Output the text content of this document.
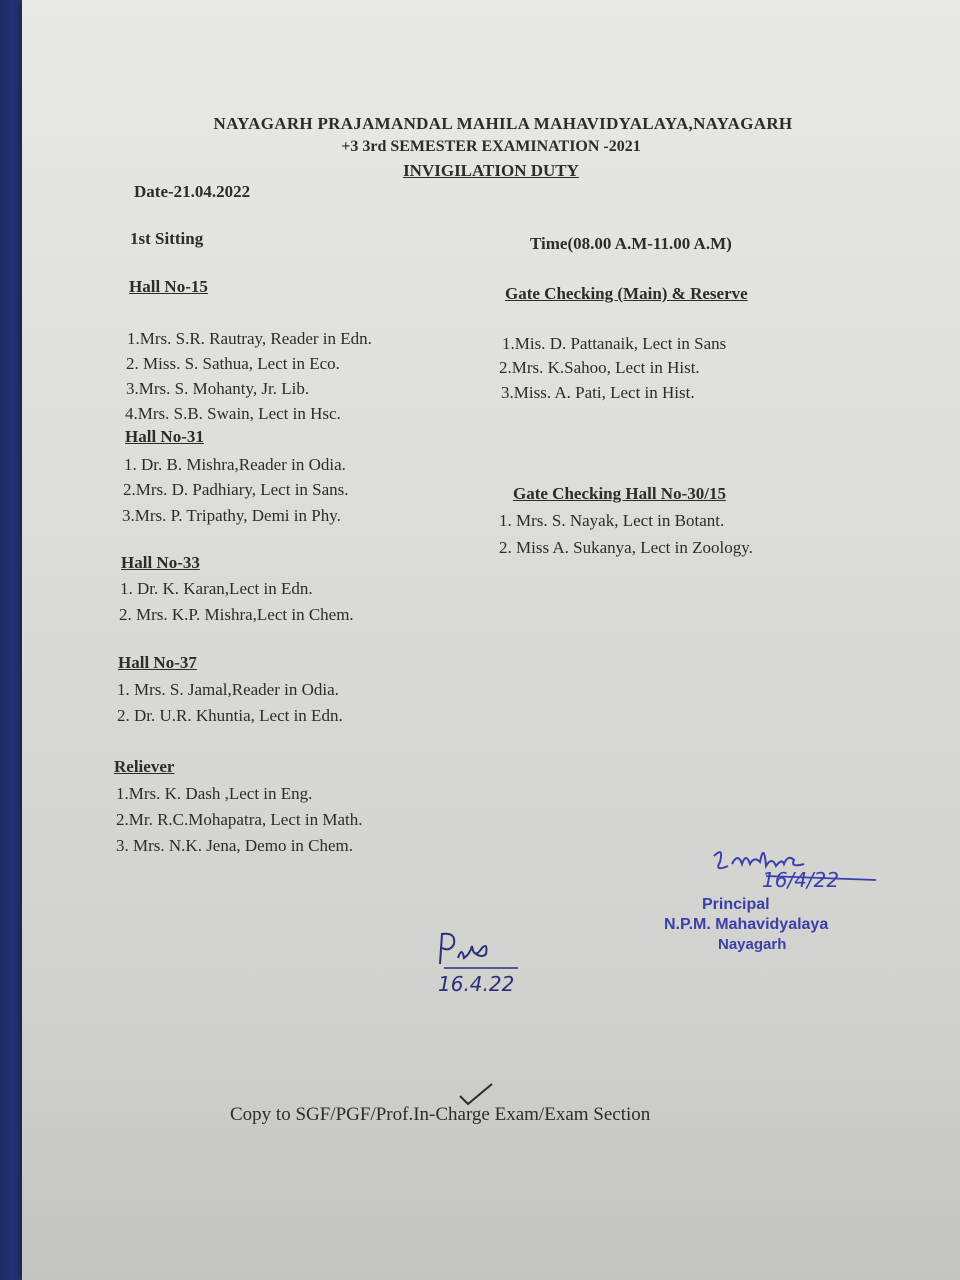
NAYAGARH PRAJAMANDAL MAHILA MAHAVIDYALAYA,NAYAGARH
+3 3rd SEMESTER EXAMINATION -2021
INVIGILATION DUTY
Date-21.04.2022
1st Sitting	Time(08.00 A.M-11.00 A.M)
Hall No-15
1.Mrs. S.R. Rautray, Reader in Edn.
2. Miss. S. Sathua, Lect in Eco.
3.Mrs. S. Mohanty, Jr. Lib.
4.Mrs. S.B. Swain, Lect in Hsc.
Hall No-31
1. Dr. B. Mishra,Reader in Odia.
2.Mrs. D. Padhiary, Lect in Sans.
3.Mrs. P. Tripathy, Demi in Phy.
Hall No-33
1. Dr. K. Karan,Lect in Edn.
2. Mrs. K.P. Mishra,Lect in Chem.
Hall No-37
1. Mrs. S. Jamal,Reader in Odia.
2. Dr. U.R. Khuntia, Lect in Edn.
Reliever
1.Mrs. K. Dash ,Lect in Eng.
2.Mr. R.C.Mohapatra, Lect in Math.
3. Mrs. N.K. Jena, Demo in Chem.
Gate Checking (Main) & Reserve
1.Mis. D. Pattanaik, Lect in Sans
2.Mrs. K.Sahoo, Lect in Hist.
3.Miss. A. Pati, Lect in Hist.
Gate Checking Hall No-30/15
1. Mrs. S. Nayak, Lect in Botant.
2. Miss A. Sukanya, Lect in Zoology.
16/4/22
Principal
N.P.M. Mahavidyalaya
Nayagarh
16.4.22
Copy to SGF/PGF/Prof.In-Charge Exam/Exam Section
